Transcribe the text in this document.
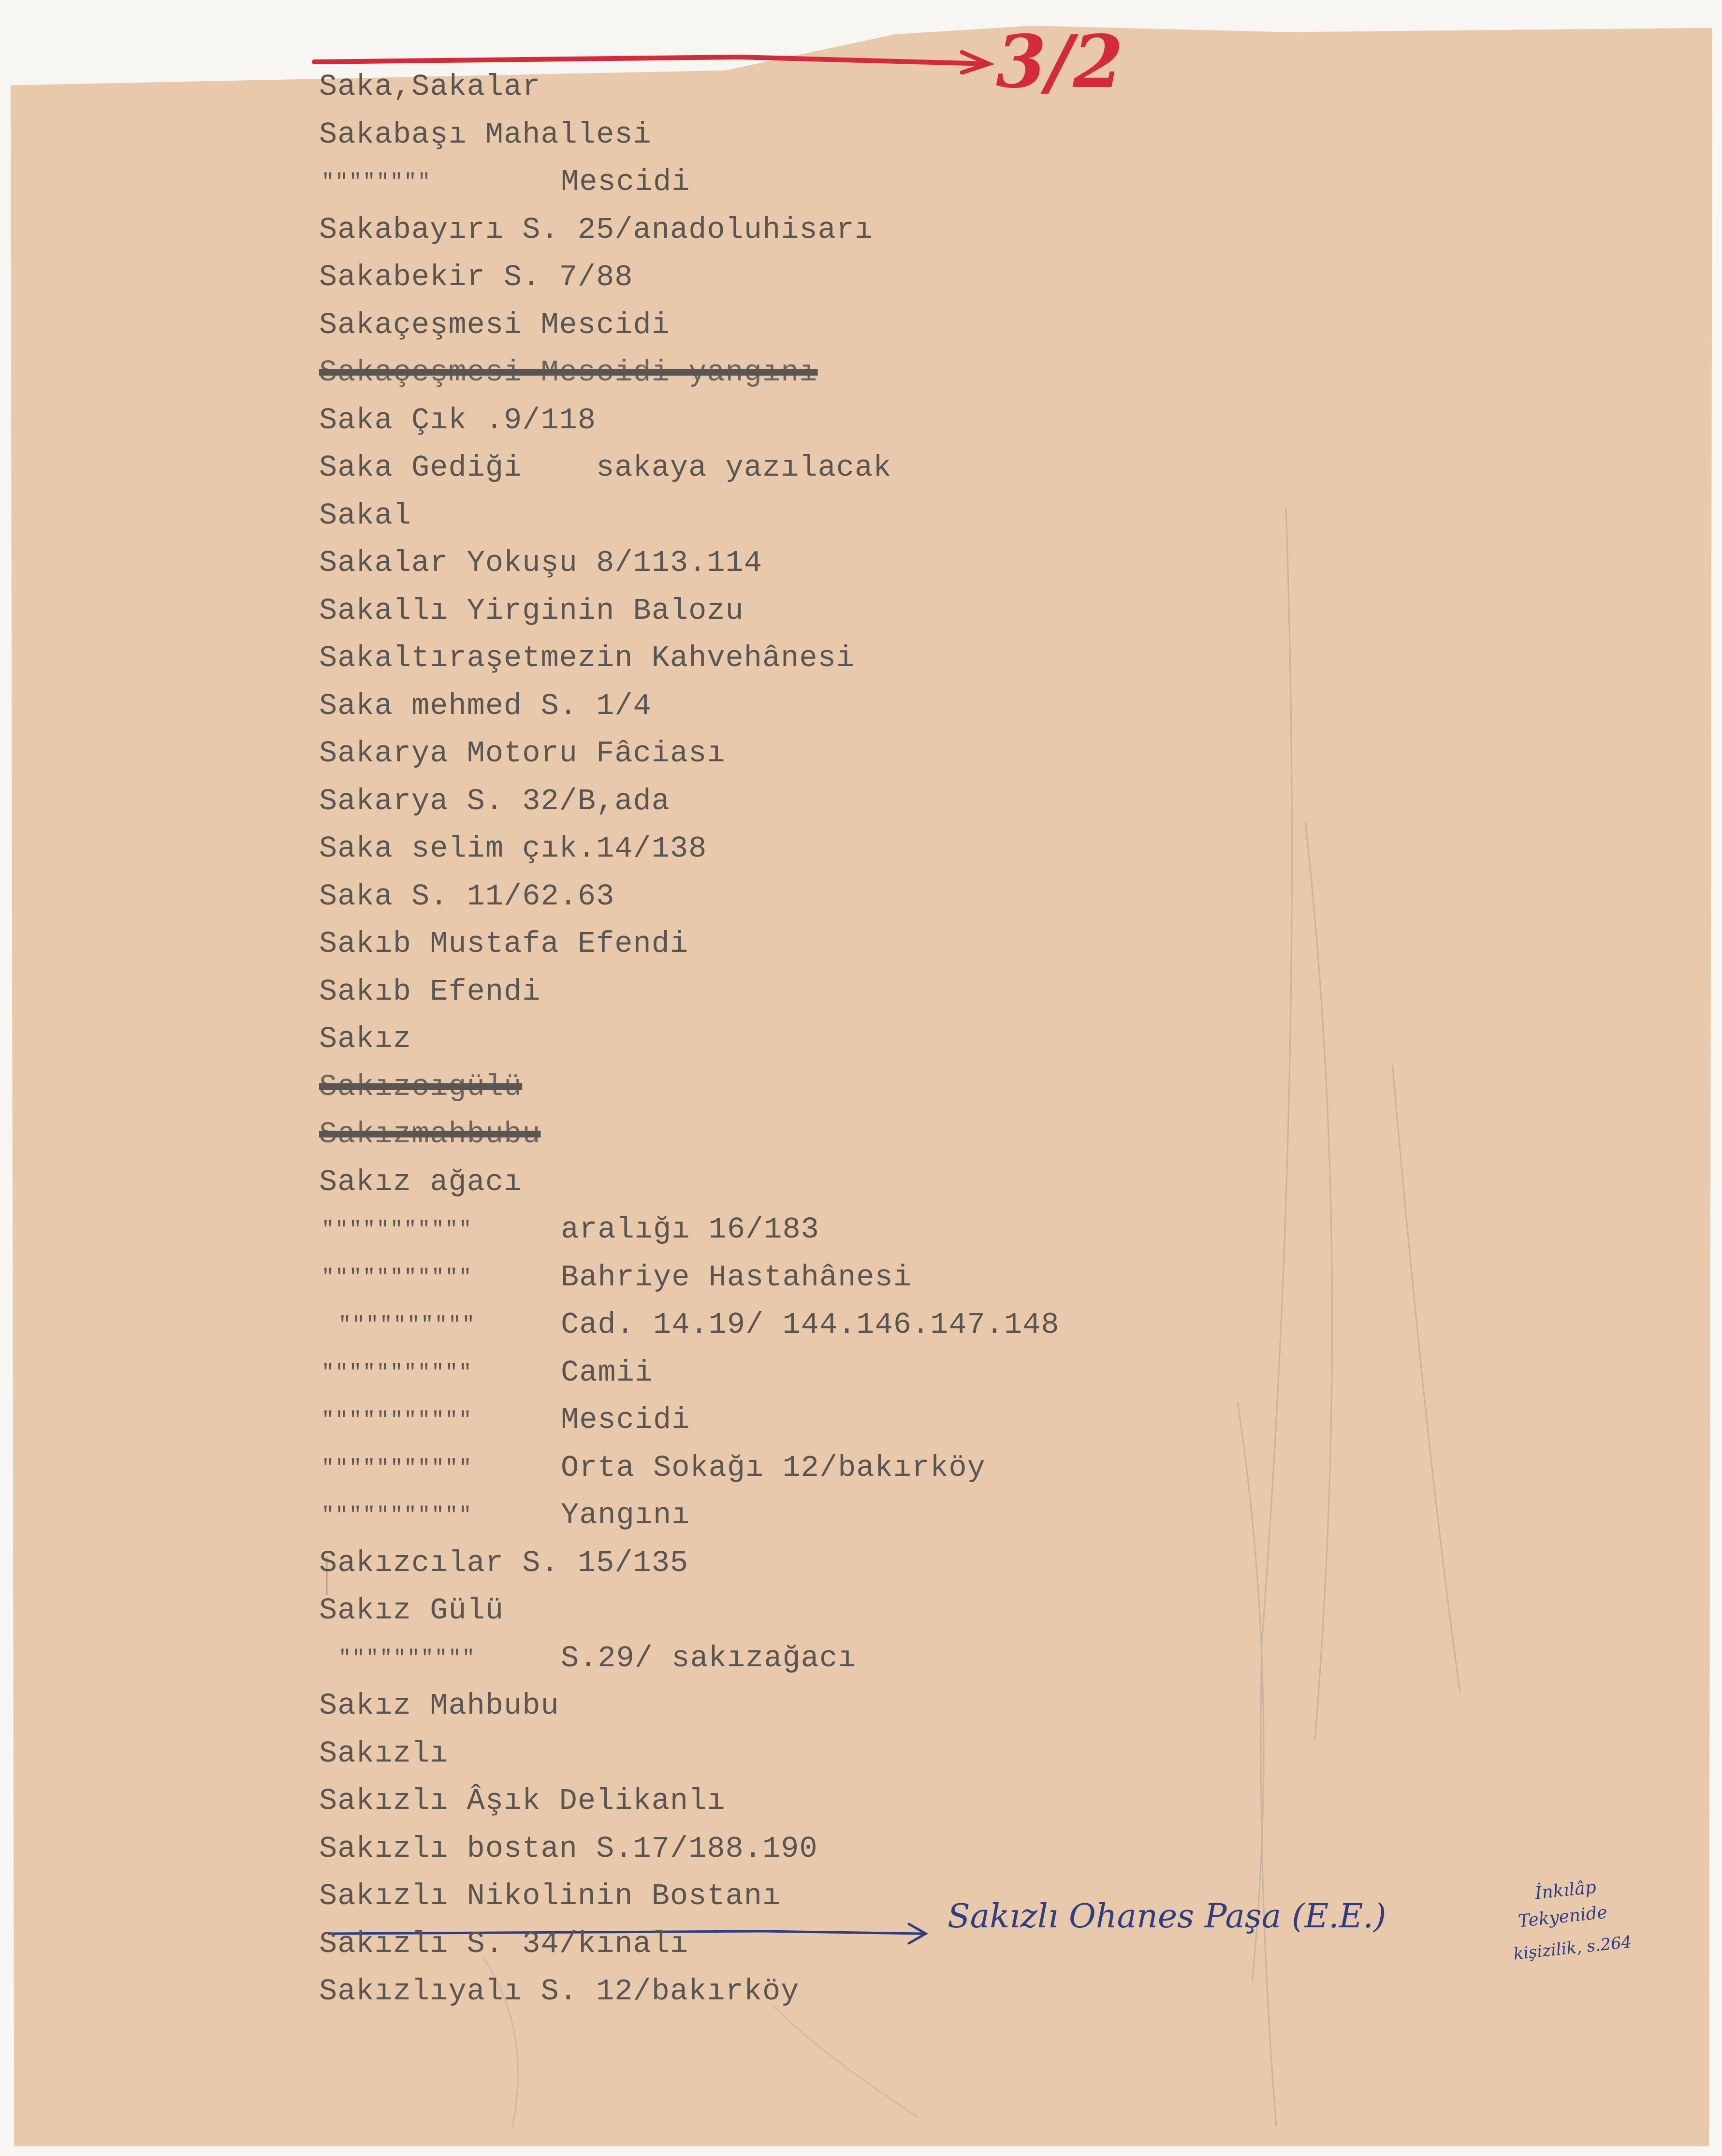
Saka,Sakalar
Sakabaşı Mahallesi
""""""""	Mescidi
Sakabayırı S. 25/anadoluhisarı
Sakabekir S. 7/88
Sakaçeşmesi Mescidi
Sakaçeşmesi Mescidi yangını
Saka Çık .9/118
Saka Gediği    sakaya yazılacak
Sakal
Sakalar Yokuşu 8/113.114
Sakallı Yirginin Balozu
Sakaltıraşetmezin Kahvehânesi
Saka mehmed S. 1/4
Sakarya Motoru Fâciası
Sakarya S. 32/B,ada
Saka selim çık.14/138
Saka S. 11/62.63
Sakıb Mustafa Efendi
Sakıb Efendi
Sakız
Sakızcıgülü
Sakızmahbubu
Sakız ağacı
"""""""""""	aralığı 16/183
"""""""""""	Bahriye Hastahânesi
""""""""""	Cad. 14.19/ 144.146.147.148
"""""""""""	Camii
"""""""""""	Mescidi
"""""""""""	Orta Sokağı 12/bakırköy
"""""""""""	Yangını
Sakızcılar S. 15/135
Sakız Gülü
""""""""""	S.29/ sakızağacı
Sakız Mahbubu
Sakızlı
Sakızlı Âşık Delikanlı
Sakızlı bostan S.17/188.190
Sakızlı Nikolinin Bostanı
Sakızlı S. 34/kınalı
Sakızlıyalı S. 12/bakırköy
3/2
Sakızlı Ohanes Paşa (E.E.)
İnkılâp
Tekyenide
kişizilik, s.264
